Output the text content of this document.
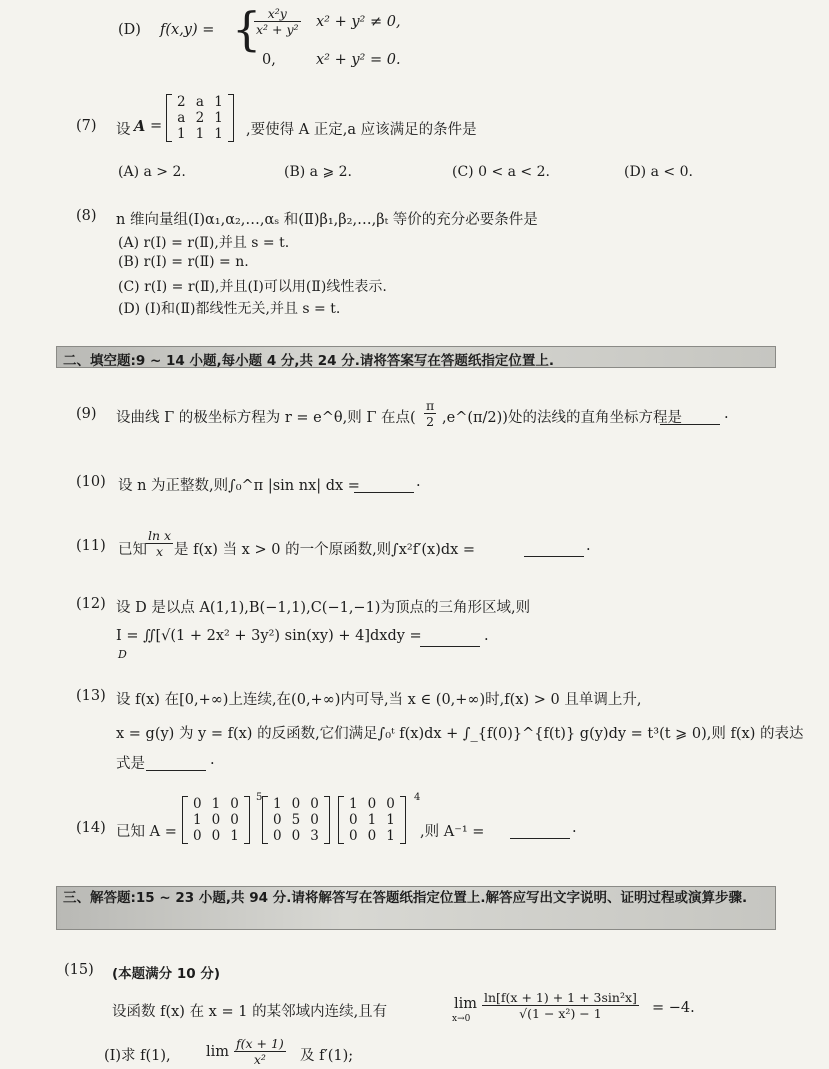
(D) f(x,y) = {
$\frac{\text{x²y}}{\text{x² + y²}} x^2 + y^2 \ne 0$,
0,	x² + y² = 0.
(7) 设 A =
2	a	1
a	2	1
1	1	1 ,要使得 A 正定,a 应该满足的条件是
(A) a > 2.	(B) a ⩾ 2.	(C) 0 < a < 2.	(D) a < 0.
(8) n 维向量组(Ⅰ)α₁,α₂,…,αₛ 和(Ⅱ)β₁,β₂,…,βₜ 等价的充分必要条件是
(A) r(Ⅰ) = r(Ⅱ),并且 s = t.
(B) r(Ⅰ) = r(Ⅱ) = n.
(C) r(Ⅰ) = r(Ⅱ),并且(Ⅰ)可以用(Ⅱ)线性表示.
(D) (Ⅰ)和(Ⅱ)都线性无关,并且 s = t.
二、填空题:9 ~ 14 小题,每小题 4 分,共 24 分.请将答案写在答题纸指定位置上.
(9) 设曲线 Γ 的极坐标方程为 r = e^θ,则 Γ 在点( $\frac{\pi}{2}$ ,e^(π/2))处的法线的直角坐标方程是	.
(10) 设 n 为正整数,则∫₀^π |sin nx| dx =	.
(11) 已知 $\frac{\text{ln x}}{x}$ 是 f(x) 当 x > 0 的一个原函数,则∫x²f′(x)dx =	.
(12) 设 D 是以点 A(1,1),B(−1,1),C(−1,−1)为顶点的三角形区域,则
I = ∬[√(1 + 2x² + 3y²) sin(xy) + 4]dxdy =
D
.
(13) 设 f(x) 在[0,+∞)上连续,在(0,+∞)内可导,当 x ∈ (0,+∞)时,f(x) > 0 且单调上升,
x = g(y) 为 y = f(x) 的反函数,它们满足∫₀ᵗ f(x)dx + ∫_{f(0)}^{f(t)} g(y)dy = t³(t ⩾ 0),则 f(x) 的表达
式是	.
(14) 已知 A =
0	1	0
1	0	0
0	0	1
5 1	0	0
0	5	0
0	0	3
1	0	0
0	1	1
0	0	1
4
,则 A⁻¹ =	.
三、解答题:15 ~ 23 小题,共 94 分.请将解答写在答题纸指定位置上.解答应写出文字说明、证明过程或演算步骤.
(15) (本题满分 10 分)
设函数 f(x) 在 x = 1 的某邻域内连续,且有	lim
$x\to 0 \frac{\text{ln[f(x + 1) + 1 + 3sin²x]}}{\text{√(1 − x²) − 1}} = -4$.
(Ⅰ)求 f(1), $\lim \frac{f(x + 1)}{\text{x²}}$ 及 f′(1);
